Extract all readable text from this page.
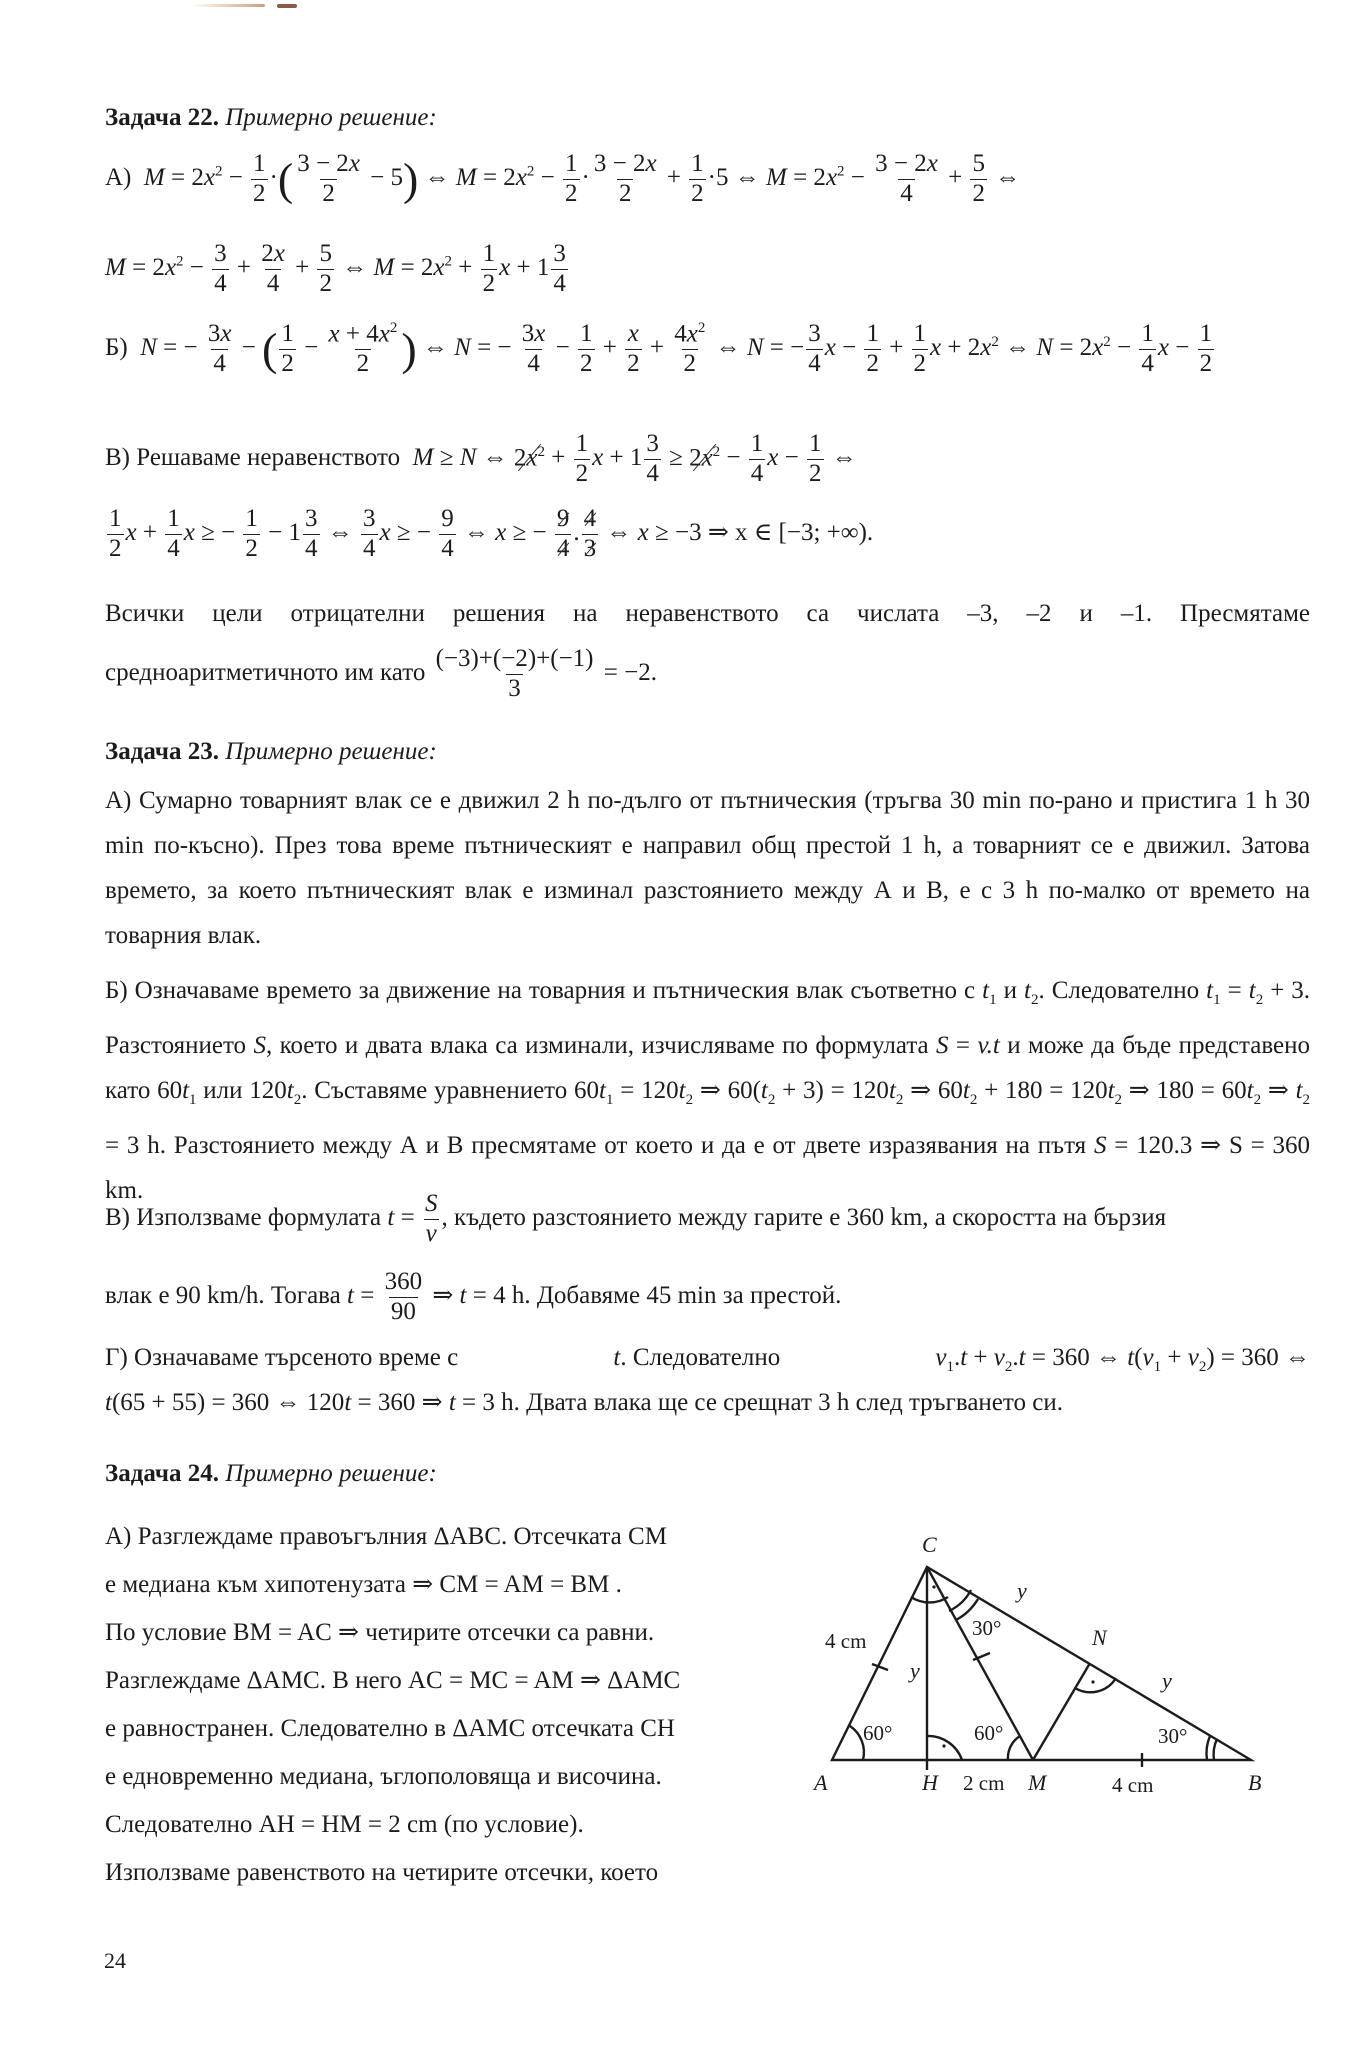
Задача 22. Примерно решение:
А)  $M = 2x^2 - \frac{1}{2}$ ·( $\frac{3 - 2x}{2} - 5$) ⇔ $M = 2x^2 - \frac{1}{2} \cdot \frac{3 - 2x}{2} + \frac{1}{2} \cdot 5$ ⇔ $M = 2x^2 - \frac{3 - 2x}{4} + \frac{5}{2}$ ⇔
$M = 2x^2 - \frac{3}{4} + \frac{2x}{4} + \frac{5}{2}$ ⇔ $M = 2x^2 + \frac{1}{2}$ $x + 1 \frac{3}{4}$
Б)  N = − $\frac{3x}{4}$ − ( $\frac{1}{2} - \frac{x + 4x^2}{2}$ ) ⇔ N = − $\frac{3x}{4} - \frac{1}{2} + \frac{x}{2} + \frac{4x^2}{2}$ ⇔ N = − $\frac{3}{4}$ $x - \frac{1}{2} + \frac{1}{2}$ $x + 2x^2$ ⇔ $N = 2x^2 - \frac{1}{4}$ $x - \frac{1}{2}$
В) Решаваме неравенството  M ≥ N ⇔ $2x^2 + \frac{1}{2}$ $x + 1 \frac{3}{4} \ge 2x^2 - \frac{1}{4}$ $x - \frac{1}{2}$ ⇔
$\frac{1}{2}$ $x + \frac{1}{4}$ x ≥ − $\frac{1}{2} - 1 \frac{3}{4}$ ⇔ $\frac{3}{4}$ x ≥ − $\frac{9}{4}$ ⇔ x ≥ − $\frac{9}{4}$ . $\frac{4}{3}$ ⇔ x ≥ −3 ⇒ x ∈ [−3; +∞).
Всички цели отрицателни решения на неравенството са числата –3, –2 и –1. Пресмятаме
средноаритметичното им като $\frac{(-3)+(-2)+(-1)}{3} = -2$.
Задача 23. Примерно решение:
А) Сумарно товарният влак се е движил 2 h по-дълго от пътническия (тръгва 30 min по-рано и пристига 1 h 30 min по-късно). През това време пътническият е направил общ престой 1 h, а товарният се е движил. Затова времето, за което пътническият влак е изминал разстоянието между А и В, е с 3 h по-малко от времето на товарния влак.
Б) Означаваме времето за движение на товарния и пътническия влак съответно с $t_1$ и $t_2$. Следователно $t_1 = t_2 + 3$. Разстоянието S, което и двата влака са изминали, изчисляваме по формулата S = v.t и може да бъде представено като $60t_1$ или $120t_2$. Съставяме уравнението $60t_1 = 120t_2$ ⇒ $60(t_2 + 3) = 120t_2$ ⇒ $60t_2 + 180 = 120t_2$ ⇒ $180 = 60t_2$ ⇒ $t_2 = 3$ h. Разстоянието между А и В пресмятаме от което и да е от двете изразявания на пътя S = 120.3 ⇒ S = 360 km.
В) Използваме формулата $t = \frac{S}{v}$ , където разстоянието между гарите е 360 km, а скоростта на бързия
влак е 90 km/h. Тогава $t = \frac{360}{90}$ ⇒ t = 4 h. Добавяме 45 min за престой.
Г) Означаваме търсеното време с	t. Следователно	$v_1.t + v_2.t = 360$ ⇔ $t(v_1 + v_2) = 360$ ⇔
t(65 + 55) = 360 ⇔ 120t = 360 ⇒ t = 3 h. Двата влака ще се срещнат 3 h след тръгването си.
Задача 24. Примерно решение:
А) Разглеждаме правоъгълния ΔABC. Отсечката CM
е медиана към хипотенузата ⇒ CM = AM = BM .
По условие BM = AC ⇒ четирите отсечки са равни.
Разглеждаме ΔAMC. В него AC = MC = AM ⇒ ΔAMC
е равностранен. Следователно в ΔAMC отсечката CH
е едновременно медиана, ъглополовяща и височина.
Следователно AH = HM = 2 cm (по условие).
Използваме равенството на четирите отсечки, което
C
A	H	M	B
N
4 cm
2 cm	4 cm
y
y
y
60°	60°	30°
30°
24
